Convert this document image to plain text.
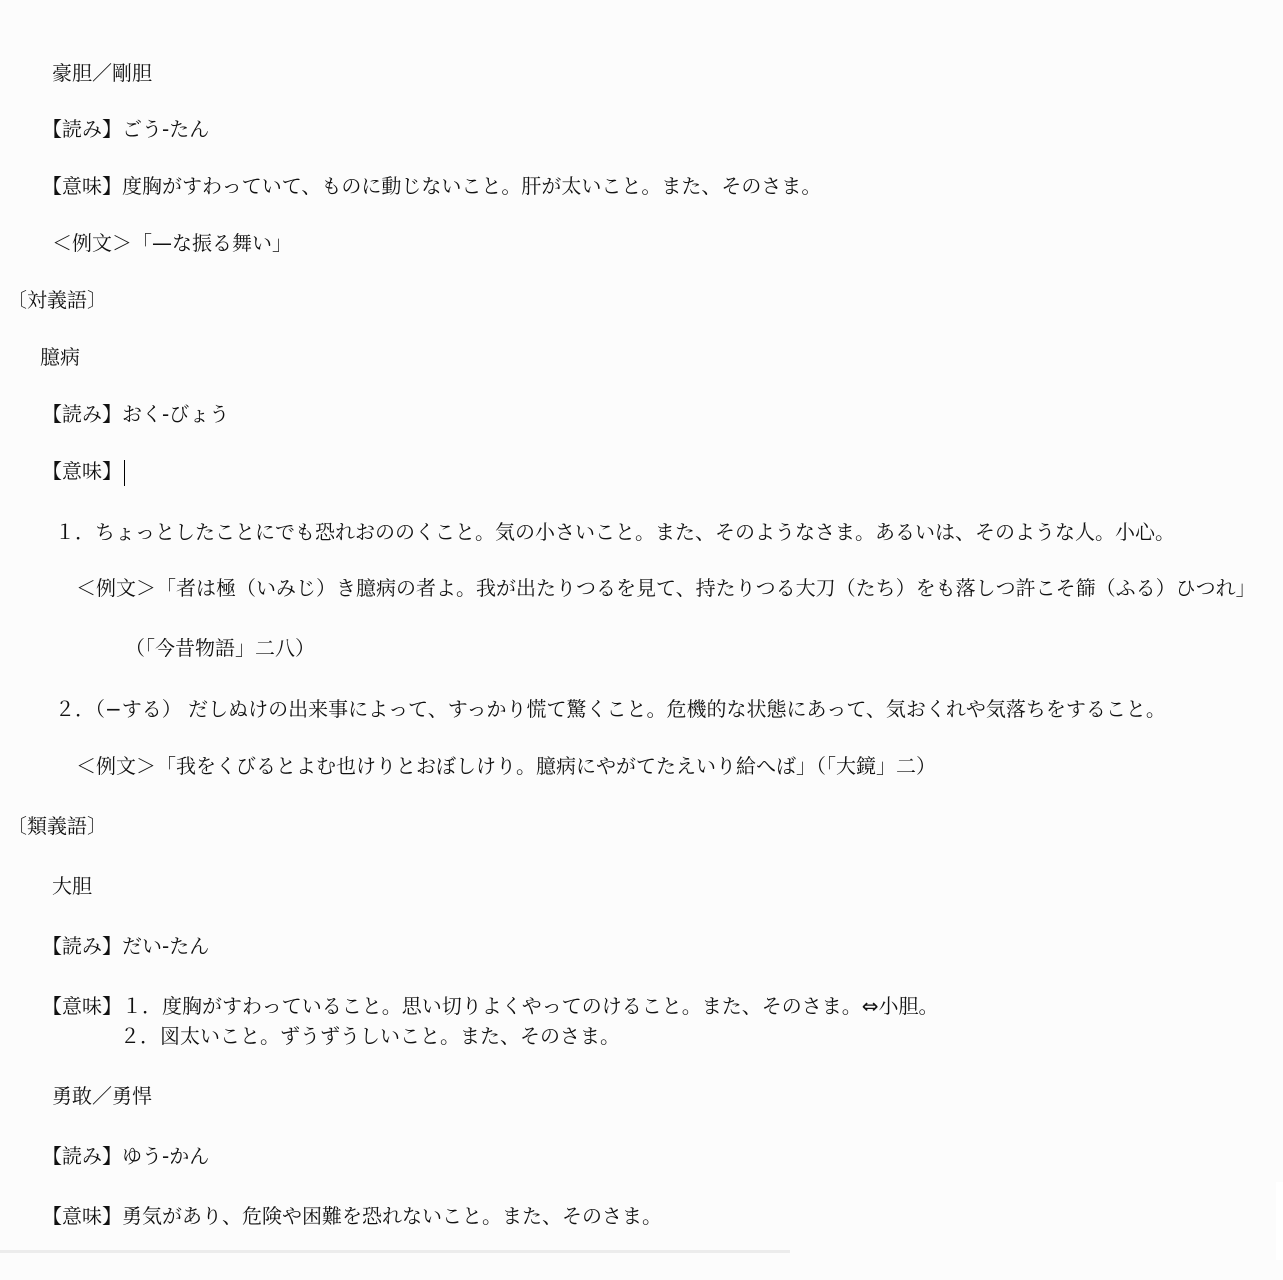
豪胆／剛胆
【読み】ごう‐たん
【意味】度胸がすわっていて、ものに動じないこと。肝が太いこと。また、そのさま。
＜例文＞「—な振る舞い」
〔対義語〕
臆病
【読み】おく‐びょう
【意味】
１．ちょっとしたことにでも恐れおののくこと。気の小さいこと。また、そのようなさま。あるいは、そのような人。小心。
＜例文＞「者は極（いみじ）き臆病の者よ。我が出たりつるを見て、持たりつる大刀（たち）をも落しつ許こそ篩（ふる）ひつれ」
（「今昔物語」二八）
２．（−する） だしぬけの出来事によって、すっかり慌て驚くこと。危機的な状態にあって、気おくれや気落ちをすること。
＜例文＞「我をくびるとよむ也けりとおぼしけり。臆病にやがてたえいり給へば」（「大鏡」二）
〔類義語〕
大胆
【読み】だい‐たん
【意味】１．度胸がすわっていること。思い切りよくやってのけること。また、そのさま。⇔小胆。
２．図太いこと。ずうずうしいこと。また、そのさま。
勇敢／勇悍
【読み】ゆう‐かん
【意味】勇気があり、危険や困難を恐れないこと。また、そのさま。
